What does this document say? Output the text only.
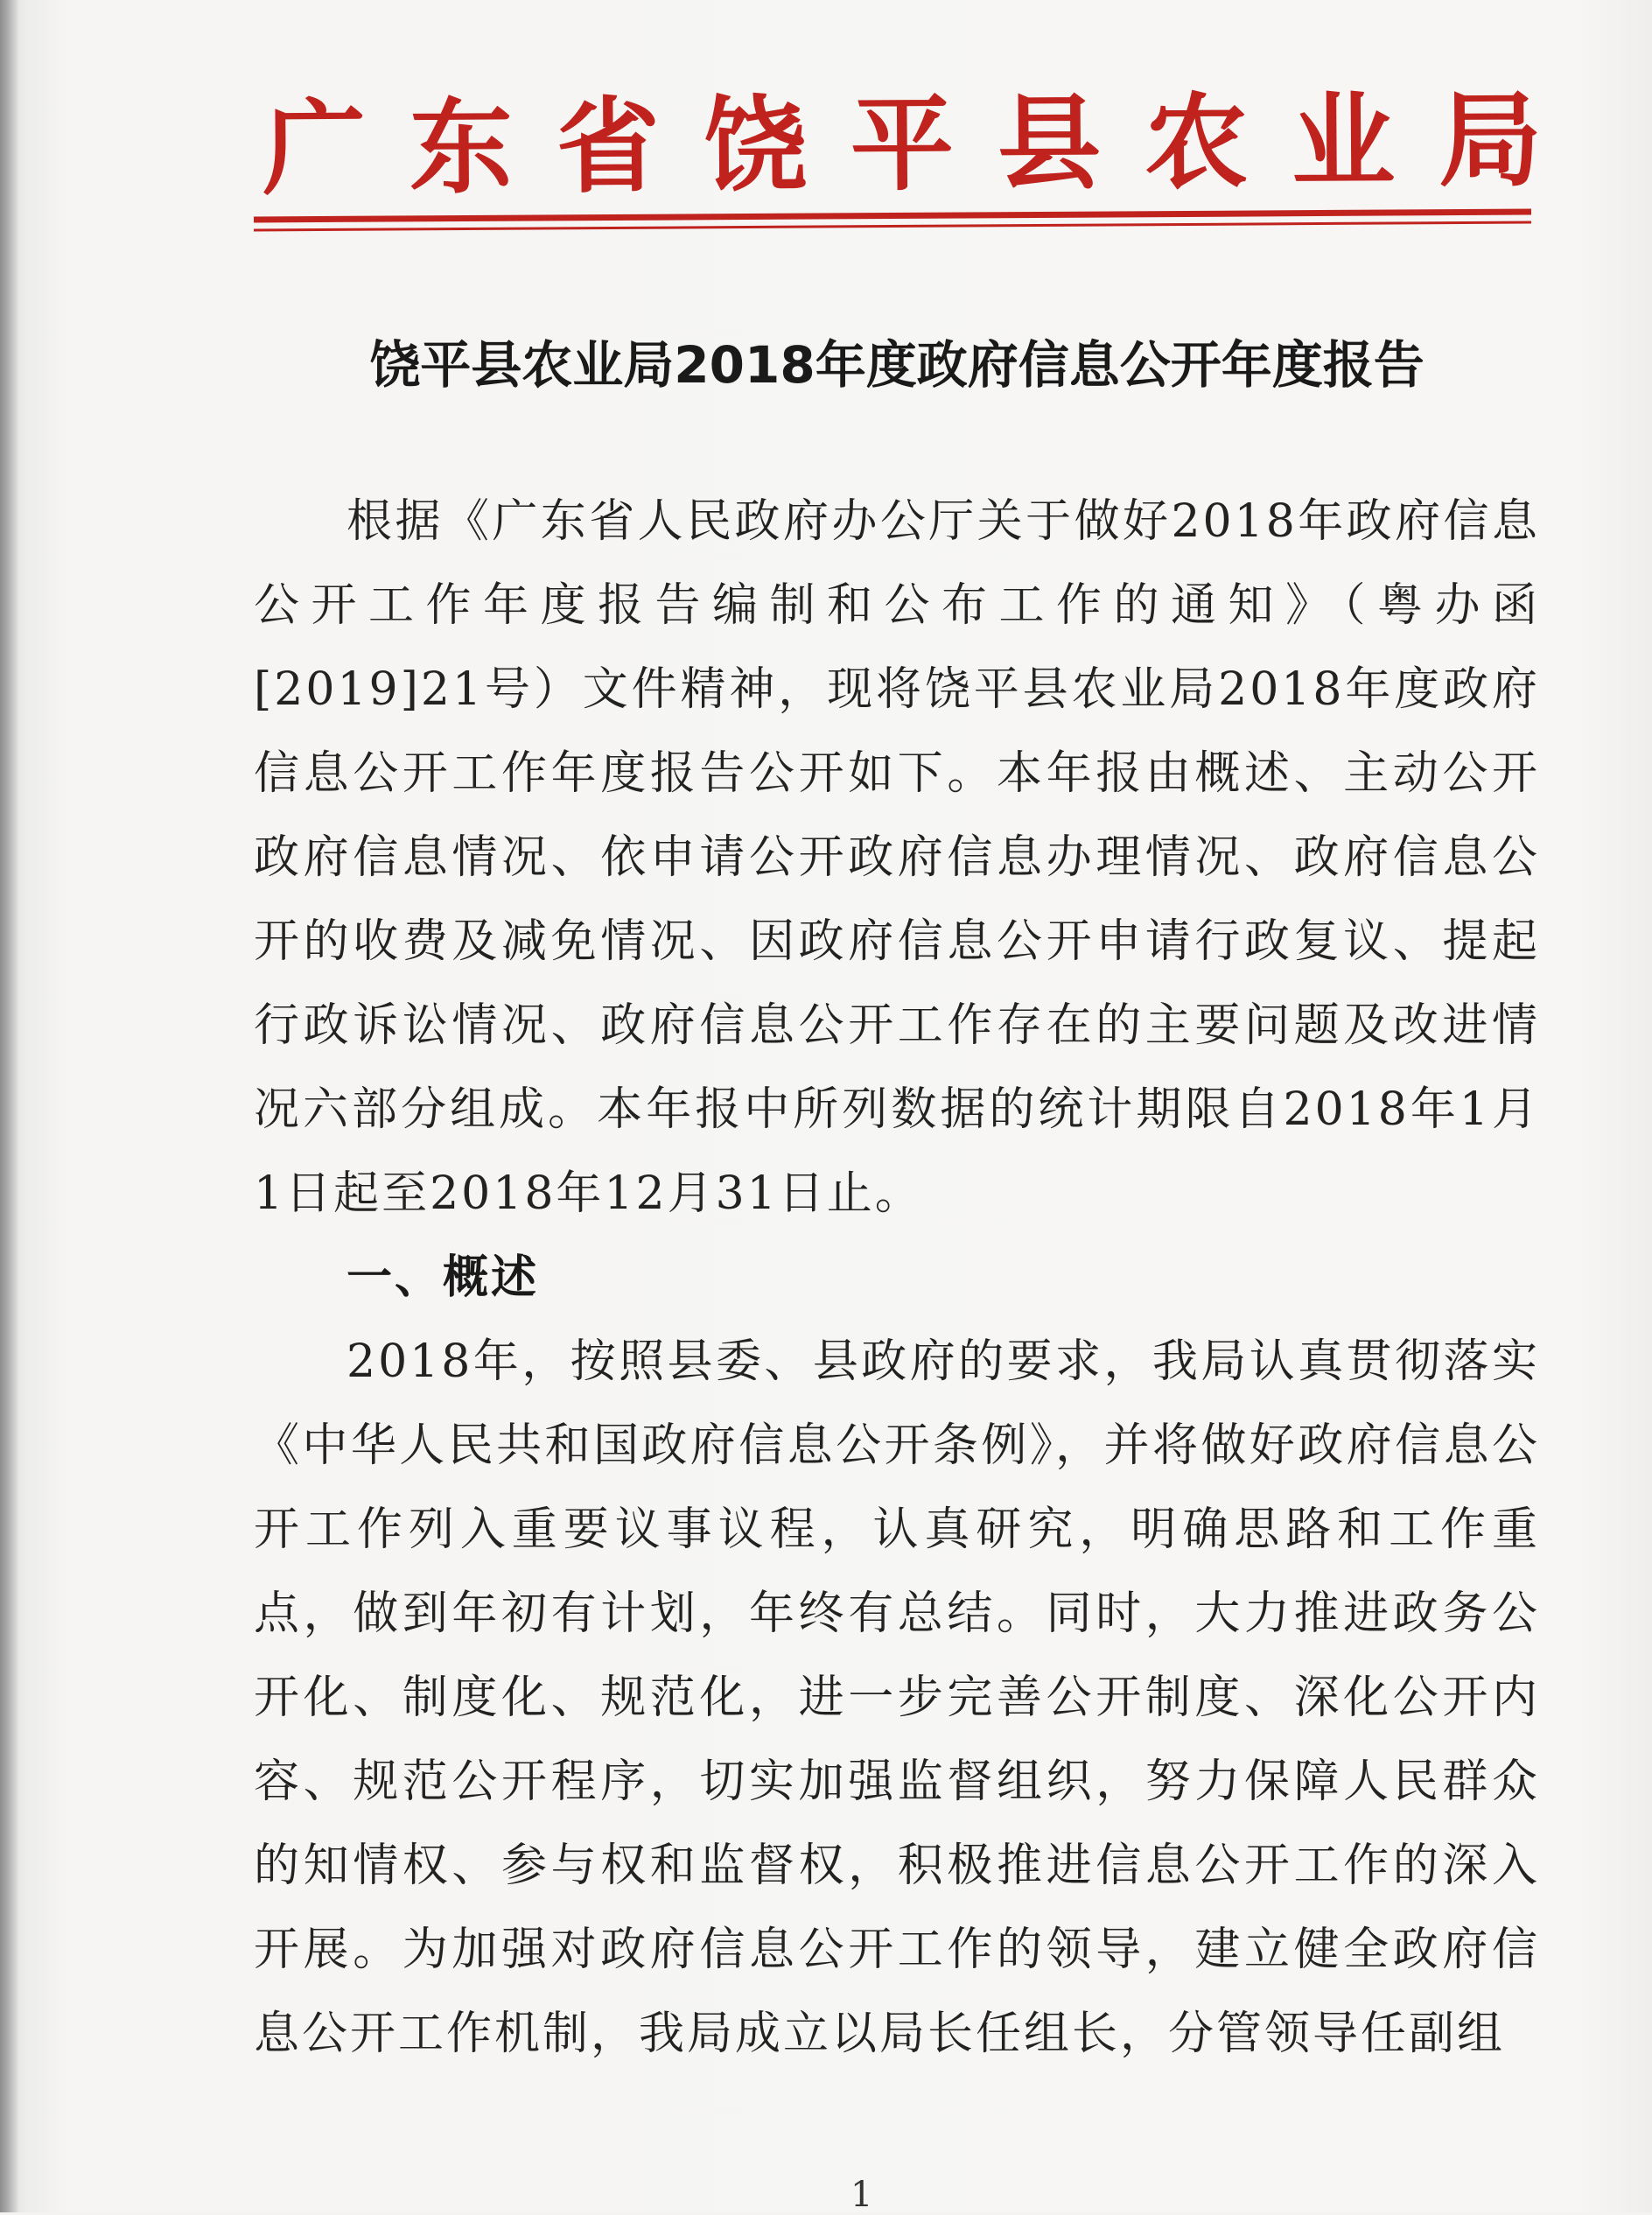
广东省饶平县农业局
饶平县农业局2018年度政府信息公开年度报告

根据《广东省人民政府办公厅关于做好2018年政府信息公开工作年度报告编制和公布工作的通知》（粤办函[2019]21号）文件精神，现将饶平县农业局2018年度政府信息公开工作年度报告公开如下。本年报由概述、主动公开政府信息情况、依申请公开政府信息办理情况、政府信息公开的收费及减免情况、因政府信息公开申请行政复议、提起行政诉讼情况、政府信息公开工作存在的主要问题及改进情况六部分组成。本年报中所列数据的统计期限自2018年1月1日起至2018年12月31日止。

一、概述

2018年，按照县委、县政府的要求，我局认真贯彻落实《中华人民共和国政府信息公开条例》，并将做好政府信息公开工作列入重要议事议程，认真研究，明确思路和工作重点，做到年初有计划，年终有总结。同时，大力推进政务公开化、制度化、规范化，进一步完善公开制度、深化公开内容、规范公开程序，切实加强监督组织，努力保障人民群众的知情权、参与权和监督权，积极推进信息公开工作的深入开展。为加强对政府信息公开工作的领导，建立健全政府信息公开工作机制，我局成立以局长任组长，分管领导任副组

1
